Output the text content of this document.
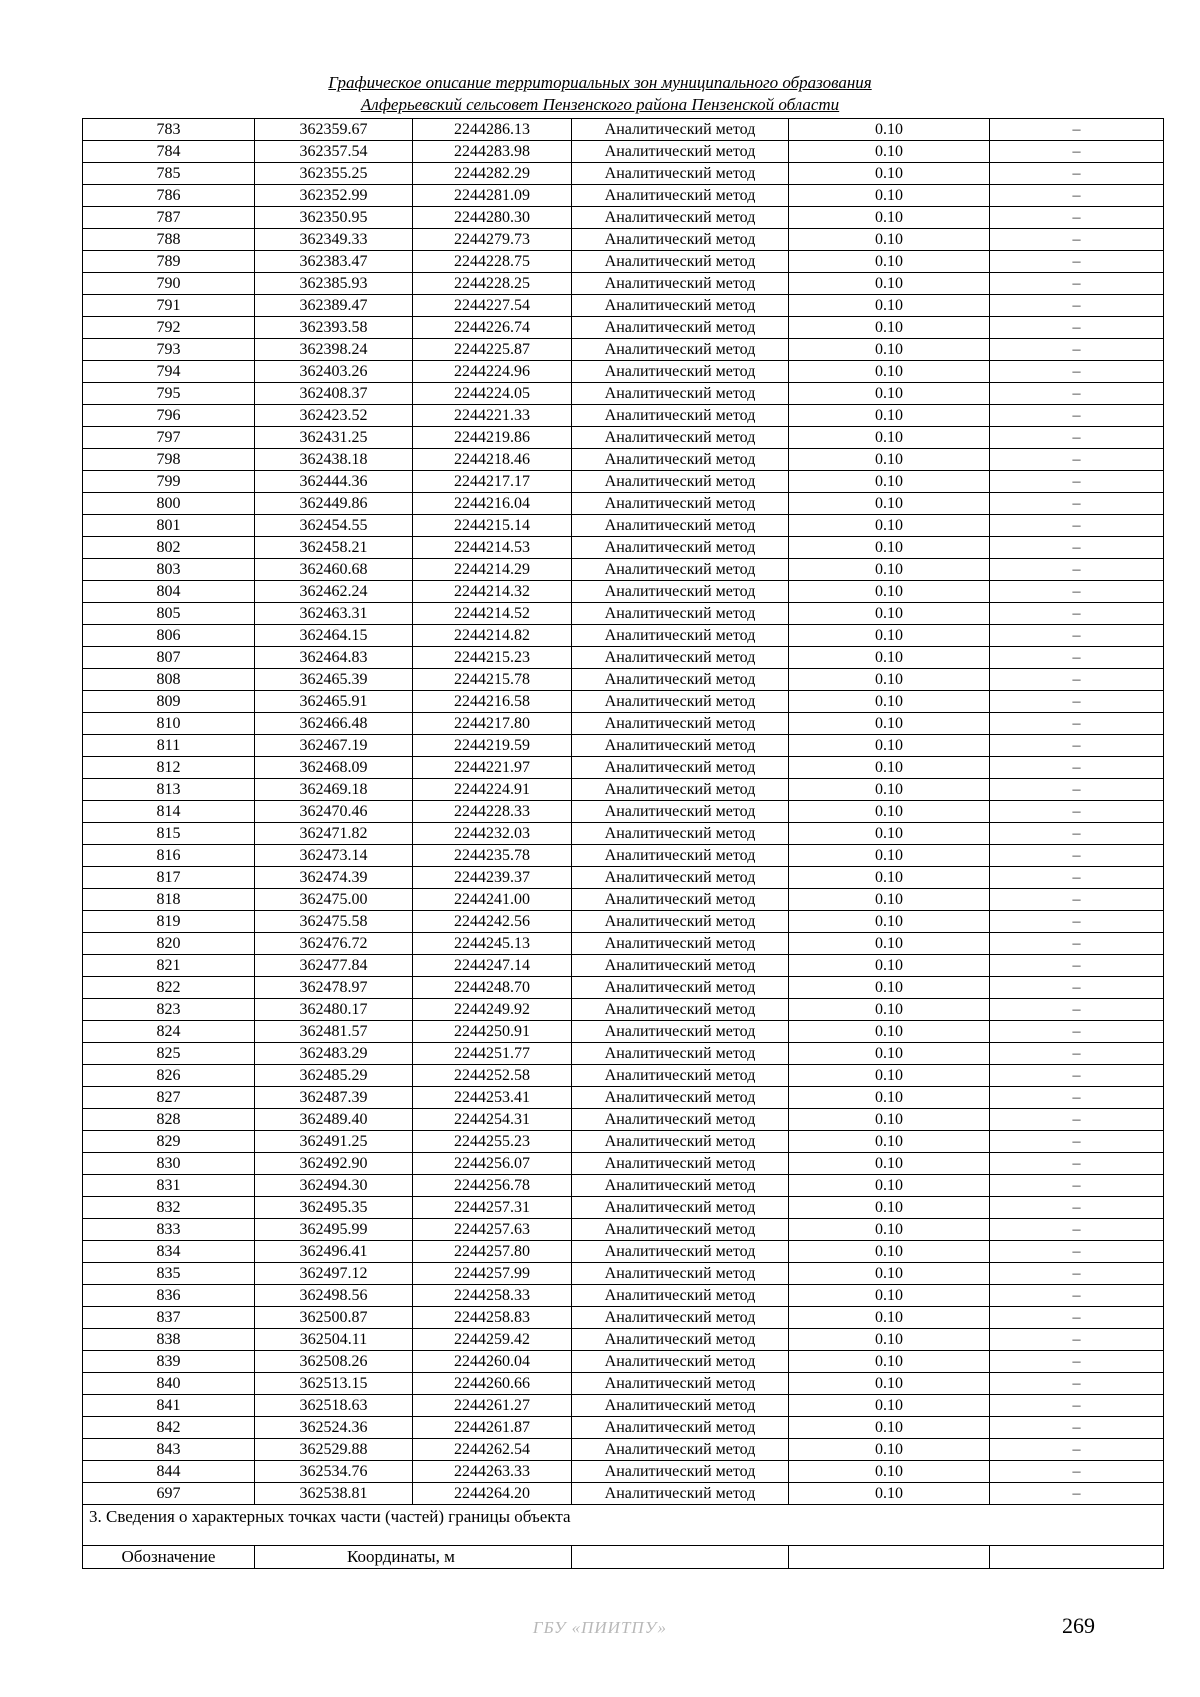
Графическое описание территориальных зон муниципального образования
Алферьевский сельсовет Пензенского района Пензенской области
783	362359.67	2244286.13	Аналитический метод	0.10	–
784	362357.54	2244283.98	Аналитический метод	0.10	–
785	362355.25	2244282.29	Аналитический метод	0.10	–
786	362352.99	2244281.09	Аналитический метод	0.10	–
787	362350.95	2244280.30	Аналитический метод	0.10	–
788	362349.33	2244279.73	Аналитический метод	0.10	–
789	362383.47	2244228.75	Аналитический метод	0.10	–
790	362385.93	2244228.25	Аналитический метод	0.10	–
791	362389.47	2244227.54	Аналитический метод	0.10	–
792	362393.58	2244226.74	Аналитический метод	0.10	–
793	362398.24	2244225.87	Аналитический метод	0.10	–
794	362403.26	2244224.96	Аналитический метод	0.10	–
795	362408.37	2244224.05	Аналитический метод	0.10	–
796	362423.52	2244221.33	Аналитический метод	0.10	–
797	362431.25	2244219.86	Аналитический метод	0.10	–
798	362438.18	2244218.46	Аналитический метод	0.10	–
799	362444.36	2244217.17	Аналитический метод	0.10	–
800	362449.86	2244216.04	Аналитический метод	0.10	–
801	362454.55	2244215.14	Аналитический метод	0.10	–
802	362458.21	2244214.53	Аналитический метод	0.10	–
803	362460.68	2244214.29	Аналитический метод	0.10	–
804	362462.24	2244214.32	Аналитический метод	0.10	–
805	362463.31	2244214.52	Аналитический метод	0.10	–
806	362464.15	2244214.82	Аналитический метод	0.10	–
807	362464.83	2244215.23	Аналитический метод	0.10	–
808	362465.39	2244215.78	Аналитический метод	0.10	–
809	362465.91	2244216.58	Аналитический метод	0.10	–
810	362466.48	2244217.80	Аналитический метод	0.10	–
811	362467.19	2244219.59	Аналитический метод	0.10	–
812	362468.09	2244221.97	Аналитический метод	0.10	–
813	362469.18	2244224.91	Аналитический метод	0.10	–
814	362470.46	2244228.33	Аналитический метод	0.10	–
815	362471.82	2244232.03	Аналитический метод	0.10	–
816	362473.14	2244235.78	Аналитический метод	0.10	–
817	362474.39	2244239.37	Аналитический метод	0.10	–
818	362475.00	2244241.00	Аналитический метод	0.10	–
819	362475.58	2244242.56	Аналитический метод	0.10	–
820	362476.72	2244245.13	Аналитический метод	0.10	–
821	362477.84	2244247.14	Аналитический метод	0.10	–
822	362478.97	2244248.70	Аналитический метод	0.10	–
823	362480.17	2244249.92	Аналитический метод	0.10	–
824	362481.57	2244250.91	Аналитический метод	0.10	–
825	362483.29	2244251.77	Аналитический метод	0.10	–
826	362485.29	2244252.58	Аналитический метод	0.10	–
827	362487.39	2244253.41	Аналитический метод	0.10	–
828	362489.40	2244254.31	Аналитический метод	0.10	–
829	362491.25	2244255.23	Аналитический метод	0.10	–
830	362492.90	2244256.07	Аналитический метод	0.10	–
831	362494.30	2244256.78	Аналитический метод	0.10	–
832	362495.35	2244257.31	Аналитический метод	0.10	–
833	362495.99	2244257.63	Аналитический метод	0.10	–
834	362496.41	2244257.80	Аналитический метод	0.10	–
835	362497.12	2244257.99	Аналитический метод	0.10	–
836	362498.56	2244258.33	Аналитический метод	0.10	–
837	362500.87	2244258.83	Аналитический метод	0.10	–
838	362504.11	2244259.42	Аналитический метод	0.10	–
839	362508.26	2244260.04	Аналитический метод	0.10	–
840	362513.15	2244260.66	Аналитический метод	0.10	–
841	362518.63	2244261.27	Аналитический метод	0.10	–
842	362524.36	2244261.87	Аналитический метод	0.10	–
843	362529.88	2244262.54	Аналитический метод	0.10	–
844	362534.76	2244263.33	Аналитический метод	0.10	–
697	362538.81	2244264.20	Аналитический метод	0.10	–
3. Сведения о характерных точках части (частей) границы объекта					
Обозначение	Координаты, м				
ГБУ «ПИИТПУ»	269
